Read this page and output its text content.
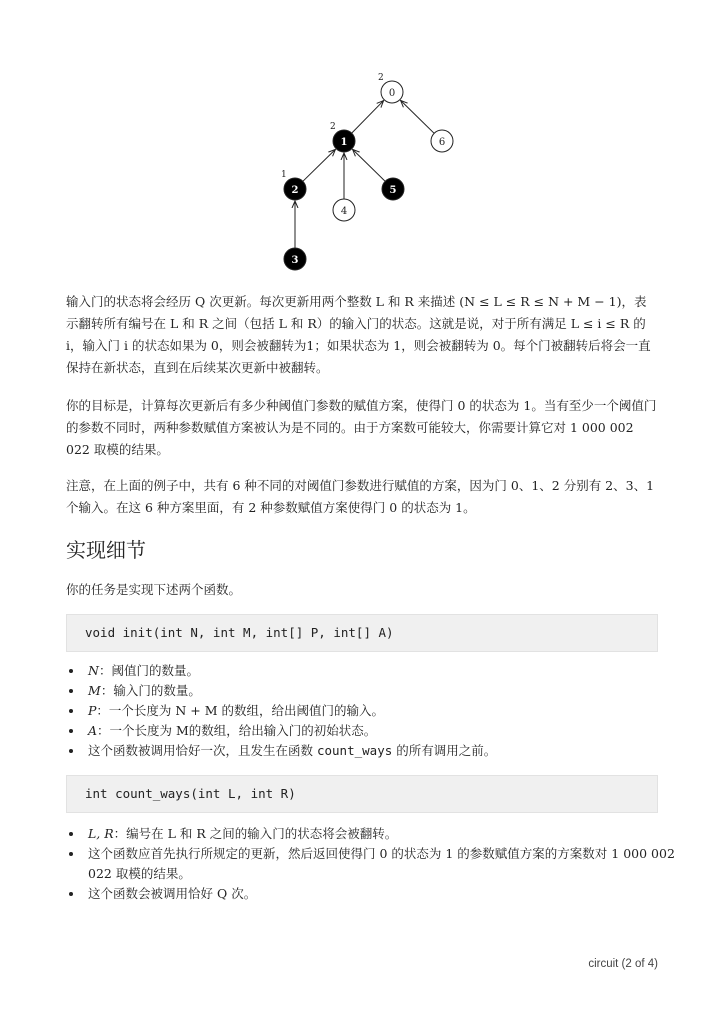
0
2
1
2
2
1
3
4
5
6

输入门的状态将会经历 Q 次更新。每次更新用两个整数 L 和 R 来描述 (N ≤ L ≤ R ≤ N + M − 1)，表示翻转所有编号在 L 和 R 之间（包括 L 和 R）的输入门的状态。这就是说，对于所有满足 L ≤ i ≤ R 的 i，输入门 i 的状态如果为 0，则会被翻转为1；如果状态为 1，则会被翻转为 0。每个门被翻转后将会一直保持在新状态，直到在后续某次更新中被翻转。

你的目标是，计算每次更新后有多少种阈值门参数的赋值方案，使得门 0 的状态为 1。当有至少一个阈值门的参数不同时，两种参数赋值方案被认为是不同的。由于方案数可能较大，你需要计算它对 1 000 002 022 取模的结果。

注意，在上面的例子中，共有 6 种不同的对阈值门参数进行赋值的方案，因为门 0、1、2 分别有 2、3、1 个输入。在这 6 种方案里面，有 2 种参数赋值方案使得门 0 的状态为 1。

实现细节

你的任务是实现下述两个函数。

void init(int N, int M, int[] P, int[] A)
• N：阈值门的数量。
• M：输入门的数量。
• P：一个长度为 N + M 的数组，给出阈值门的输入。
• A：一个长度为 M的数组，给出输入门的初始状态。
• 这个函数被调用恰好一次，且发生在函数 count_ways 的所有调用之前。
int count_ways(int L, int R)
• L, R：编号在 L 和 R 之间的输入门的状态将会被翻转。
• 这个函数应首先执行所规定的更新，然后返回使得门 0 的状态为 1 的参数赋值方案的方案数对 1 000 002 022 取模的结果。
• 这个函数会被调用恰好 Q 次。
circuit (2 of 4)
